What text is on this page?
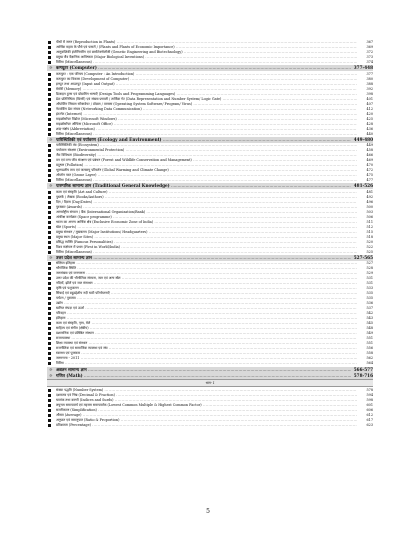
पौधों में जनन (Reproduction in Plants) .....	367
आर्थिक महत्व के पौधे एवं फसलें / (Plants and Plants of Economic Importance) .....	369
आनुवांशिकी इंजीनियरिंग एवं बायोटेक्नोलॉजी (Genetic Engineering and Biotechnology) .....	372
प्रमुख जैव वैज्ञानिक आविष्कार (Major Biological Inventions) .....	373
विविध (Miscellaneous) .....	374
☼ कम्प्यूटर (Computer) .....	377-448
कम्प्यूटर : एक परिचय (Computer : An Introduction) .....	377
कम्प्यूटर का विकास (Development of Computer) .....	380
इनपुट तथा आउटपुट (Input and Output) .....	388
मेमोरी (Memory) .....	392
डिजाइन टूल्स एवं प्रोग्रामिंग भाषाएँ (Design Tools and Programming Languages) .....	398
डेटा प्रतिनिधित्व (बिनरी) एवं संख्या प्रणाली / तार्किक गेट (Data Representation and Number System/ Logic Gate) .....	401
ऑपरेटिंग सिस्टम सॉफ्टवेयर / प्रोग्राम / वायरस (Operating System Software/ Program/ Virus) .....	407
नेटवर्किंग डेटा संचार (Networking Data Communication) .....	412
इंटरनेट (Internet) .....	420
माइक्रोसॉफ्ट विंडोज (Microsoft Windows) .....	425
माइक्रोसॉफ्ट ऑफिस (Microsoft Office) .....	428
शब्द-संक्षेप (Abbreviation) .....	436
विविध (Miscellaneous) .....	440
☼ पारिस्थितिकी एवं पर्यावरण (Ecology and Environment) .....	449-480
पारिस्थितिकी तंत्र (Ecosystem) .....	449
पर्यावरण संरक्षण (Environmental Protection) .....	458
जैव विविधता (Biodiversity) .....	466
वन एवं वन्य जीव संरक्षण एवं प्रबंधन (Forest and Wildlife Conservation and Management) .....	469
प्रदूषण (Pollution) .....	470
भूमण्डलीय ताप एवं जलवायु परिवर्तन (Global Warming and Climate Change) .....	472
ओजोन परत (Ozone Layer) .....	475
विविध (Miscellaneous) .....	477
☼ पारम्परिक सामान्य ज्ञान (Traditional General Knowledge) .....	481-526
कला एवं संस्कृति (Art and Culture) .....	481
पुस्तकें / लेखक (Books/Authors) .....	492
दिन / दिवस (Day/Dates) .....	496
पुरस्कार (Awards) .....	500
अन्तर्राष्ट्रीय संगठन / बैंक (International Organization/Bank) .....	503
अंतरिक्ष कार्यक्रम (Space programme) .....	506
भारत का अनन्य आर्थिक क्षेत्र (Exclusive Economic Zone of India) .....	511
खेल (Sports) .....	512
प्रमुख संस्थान / मुख्यालय (Major Institutions/ Headquarters) .....	515
प्रमुख स्थल (Major Sites) .....	518
प्रसिद्ध व्यक्ति (Famous Personalities) .....	520
विश्व संक्षेपण में प्रथम (First in World/India) .....	522
विविध (Miscellaneous) .....	525
☼ उत्तर प्रदेश सामान्य ज्ञान .....	527-565
संक्षिप्त इतिहास .....	527
भौगोलिक स्थिति .....	528
जनसंख्या एवं जनगणना .....	529
उत्तर प्रदेश की भौगोलिक संरचना, जल एवं अन्य स्रोत .....	531
नदियाँ, झीलें एवं जल संसाधन .....	531
कृषि एवं पशुपालन .....	533
सिंचाई एवं बहुउद्देशीय नदी घाटी परियोजनाएँ .....	535
पर्यटन / पुरातत्व .....	535
उद्योग .....	536
खनिज संपदा एवं ऊर्जा .....	537
परिवहन .....	542
इतिहास .....	543
कला एवं संस्कृति, नृत्य, मेले .....	545
साहित्य एवं संगीत (क्षेत्रीय) .....	548
प्रशासनिक एवं प्रतिष्ठित संस्थान .....	549
राजव्यवस्था .....	551
शिक्षा व्यवस्था एवं संस्थान .....	551
राजनीतिक एवं सामाजिक व्यवस्था एवं संघ .....	556
स्वास्थ्य एवं पुरस्कार .....	558
जनगणना - 2011 .....	562
विविध .....	564
☼ अद्यतन सामान्य ज्ञान .....	566-577
☼ गणित (Math) .....	578-716
भाग- I
संख्या पद्धति (Number System) .....	578
दशमलव एवं भिन्न (Decimal & Fraction) .....	594
घातांक तथा करणी (Indices and Surds) .....	598
लघुत्तम समापवर्त्य एवं महत्तम समापवर्तक (Lowest Common Multiple & Highest Common Factor) .....	601
सरलीकरण (Simplification) .....	606
औसत (Average) .....	612
अनुपात एवं समानुपात (Ratio & Proportion) .....	617
प्रतिशतता (Percentage) .....	623
5
